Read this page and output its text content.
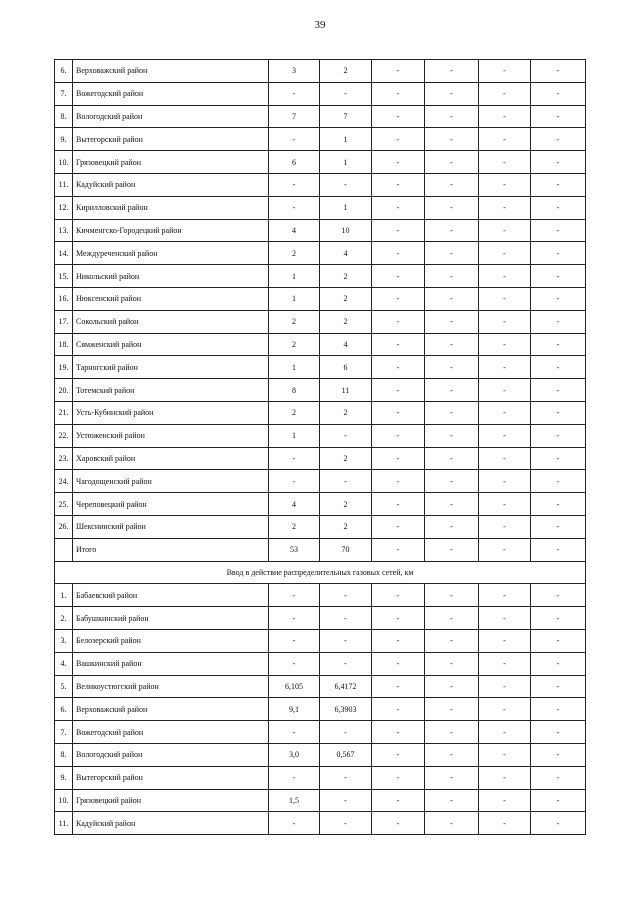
39
6.	Верховажский район	3	2	-	-	-	-
7.	Вожегодский район	-	-	-	-	-	-
8.	Вологодский район	7	7	-	-	-	-
9.	Вытегорский район	-	1	-	-	-	-
10.	Грязовецкий район	6	1	-	-	-	-
11.	Кадуйский район	-	-	-	-	-	-
12.	Кирилловский район	-	1	-	-	-	-
13.	Кичменгско-Городецкий район	4	10	-	-	-	-
14.	Междуреченский район	2	4	-	-	-	-
15.	Никольский район	1	2	-	-	-	-
16.	Нюксенский район	1	2	-	-	-	-
17.	Сокольский район	2	2	-	-	-	-
18.	Сямженский район	2	4	-	-	-	-
19.	Тарногский район	1	6	-	-	-	-
20.	Тотемский район	8	11	-	-	-	-
21.	Усть-Кубинский район	2	2	-	-	-	-
22.	Устюженский район	1	-	-	-	-	-
23.	Харовский район	-	2	-	-	-	-
24.	Чагодощенский район	-	-	-	-	-	-
25.	Череповецкий район	4	2	-	-	-	-
26.	Шекснинский район	2	2	-	-	-	-
	Итого	53	70	-	-	-	-
Ввод в действие распределительных газовых сетей, км							
1.	Бабаевский район	-	-	-	-	-	-
2.	Бабушкинский район	-	-	-	-	-	-
3.	Белозерский район	-	-	-	-	-	-
4.	Вашкинский район	-	-	-	-	-	-
5.	Великоустюгский район	6,105	6,4172	-	-	-	-
6.	Верховажский район	9,1	6,3903	-	-	-	-
7.	Вожегодский район	-	-	-	-	-	-
8.	Вологодский район	3,0	0,567	-	-	-	-
9.	Вытегорский район	-	-	-	-	-	-
10.	Грязовецкий район	1,5	-	-	-	-	-
11.	Кадуйский район	-	-	-	-	-	-
